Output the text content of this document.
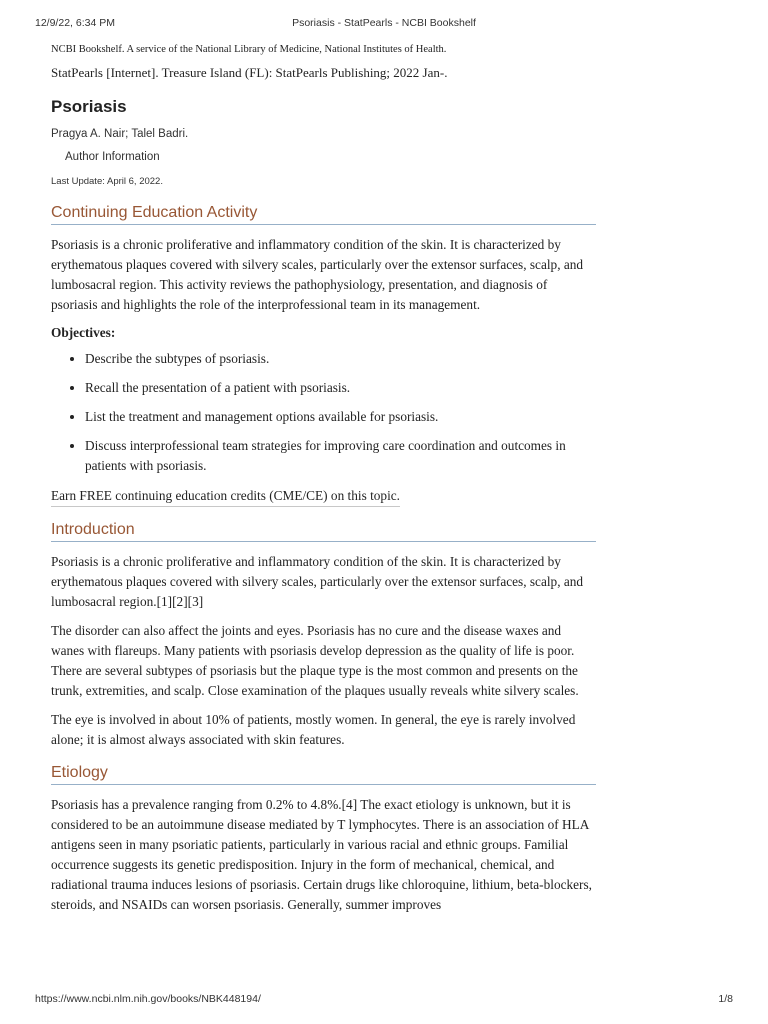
12/9/22, 6:34 PM	Psoriasis - StatPearls - NCBI Bookshelf
NCBI Bookshelf. A service of the National Library of Medicine, National Institutes of Health.
StatPearls [Internet]. Treasure Island (FL): StatPearls Publishing; 2022 Jan-.
Psoriasis
Pragya A. Nair; Talel Badri.
Author Information
Last Update: April 6, 2022.
Continuing Education Activity

Psoriasis is a chronic proliferative and inflammatory condition of the skin. It is characterized by erythematous plaques covered with silvery scales, particularly over the extensor surfaces, scalp, and lumbosacral region. This activity reviews the pathophysiology, presentation, and diagnosis of psoriasis and highlights the role of the interprofessional team in its management.

Objectives:
• Describe the subtypes of psoriasis.
• Recall the presentation of a patient with psoriasis.
• List the treatment and management options available for psoriasis.
• Discuss interprofessional team strategies for improving care coordination and outcomes in patients with psoriasis.
Earn FREE continuing education credits (CME/CE) on this topic.
Introduction

Psoriasis is a chronic proliferative and inflammatory condition of the skin. It is characterized by erythematous plaques covered with silvery scales, particularly over the extensor surfaces, scalp, and lumbosacral region.[1][2][3]

The disorder can also affect the joints and eyes. Psoriasis has no cure and the disease waxes and wanes with flareups. Many patients with psoriasis develop depression as the quality of life is poor. There are several subtypes of psoriasis but the plaque type is the most common and presents on the trunk, extremities, and scalp. Close examination of the plaques usually reveals white silvery scales.

The eye is involved in about 10% of patients, mostly women. In general, the eye is rarely involved alone; it is almost always associated with skin features.

Etiology

Psoriasis has a prevalence ranging from 0.2% to 4.8%.[4] The exact etiology is unknown, but it is considered to be an autoimmune disease mediated by T lymphocytes. There is an association of HLA antigens seen in many psoriatic patients, particularly in various racial and ethnic groups. Familial occurrence suggests its genetic predisposition. Injury in the form of mechanical, chemical, and radiational trauma induces lesions of psoriasis. Certain drugs like chloroquine, lithium, beta-blockers, steroids, and NSAIDs can worsen psoriasis. Generally, summer improves

https://www.ncbi.nlm.nih.gov/books/NBK448194/	1/8
